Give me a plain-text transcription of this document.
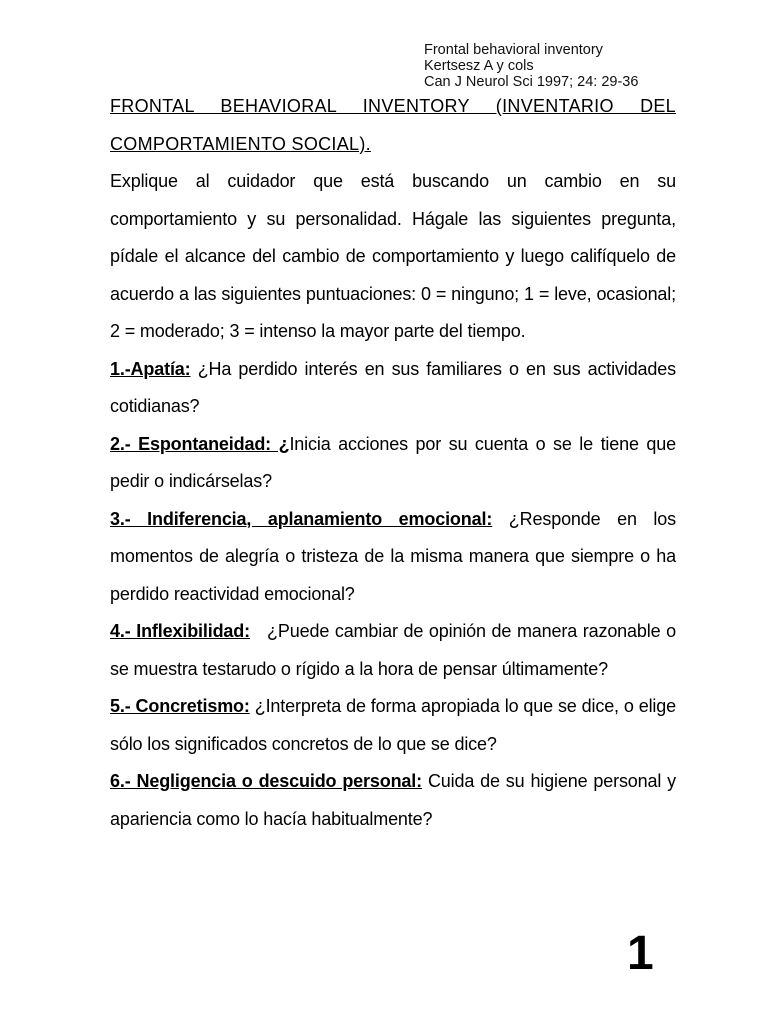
Frontal behavioral inventory
Kertsesz A y cols
Can J Neurol Sci 1997; 24: 29-36

FRONTAL BEHAVIORAL INVENTORY (INVENTARIO DEL COMPORTAMIENTO SOCIAL).

Explique al cuidador que está buscando un cambio en su comportamiento y su personalidad. Hágale las siguientes pregunta, pídale el alcance del cambio de comportamiento y luego califíquelo de acuerdo a las siguientes puntuaciones: 0 = ninguno; 1 = leve, ocasional; 2 = moderado; 3 = intenso la mayor parte del tiempo.

1.-Apatía: ¿Ha perdido interés en sus familiares o en sus actividades cotidianas?

2.- Espontaneidad: ¿Inicia acciones por su cuenta o se le tiene que pedir o indicárselas?

3.- Indiferencia, aplanamiento emocional: ¿Responde en los momentos de alegría o tristeza de la misma manera que siempre o ha perdido reactividad emocional?

4.- Inflexibilidad: ¿Puede cambiar de opinión de manera razonable o se muestra testarudo o rígido a la hora de pensar últimamente?

5.- Concretismo: ¿Interpreta de forma apropiada lo que se dice, o elige sólo los significados concretos de lo que se dice?

6.- Negligencia o descuido personal: Cuida de su higiene personal y apariencia como lo hacía habitualmente?

1
